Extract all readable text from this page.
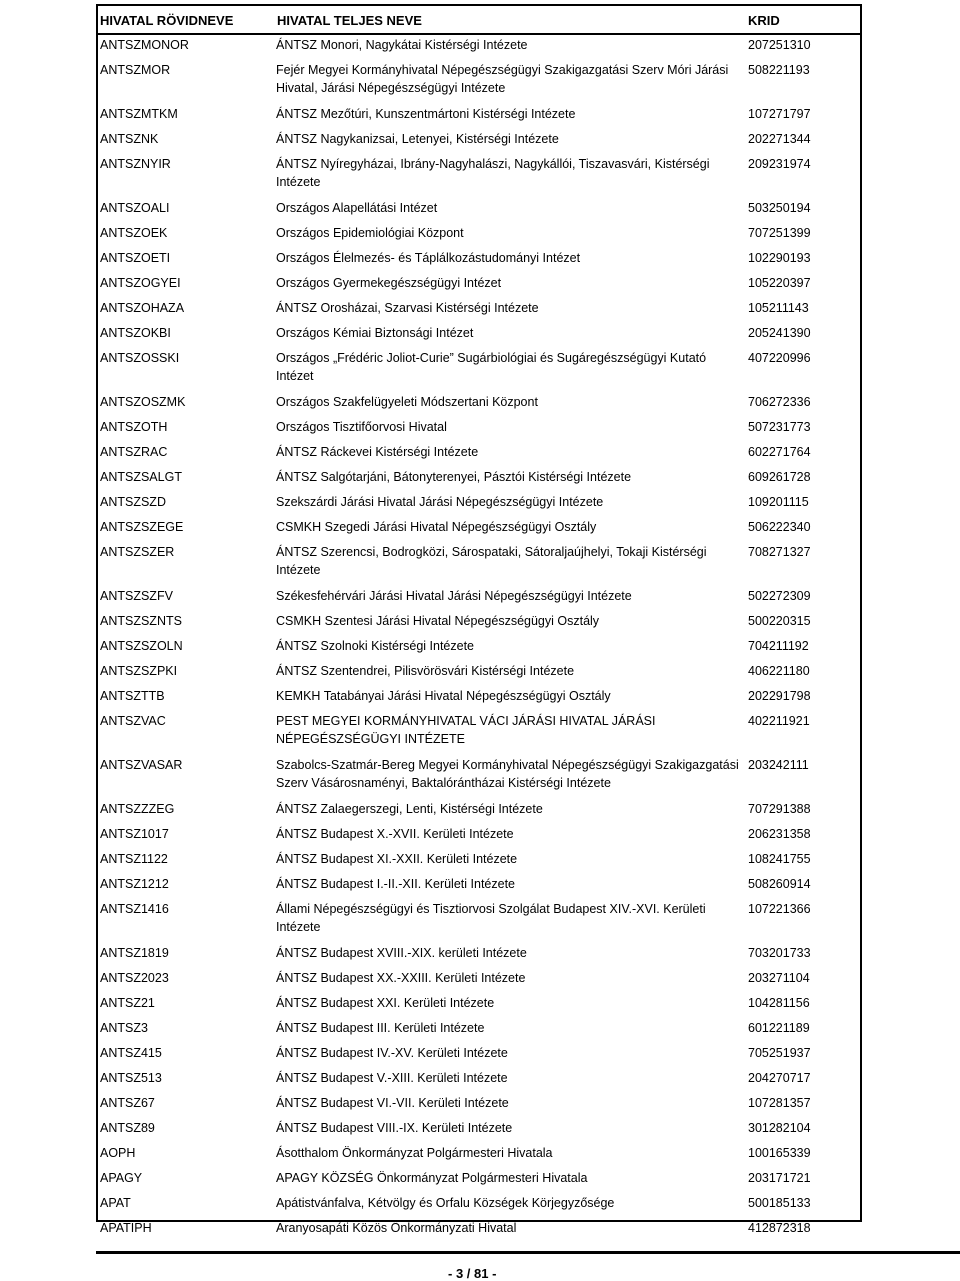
HIVATAL RÖVIDNEVE	HIVATAL TELJES NEVE	KRID
ANTSZMONOR	ÁNTSZ Monori, Nagykátai Kistérségi Intézete	207251310
ANTSZMOR	Fejér Megyei Kormányhivatal Népegészségügyi Szakigazgatási Szerv Móri Járási Hivatal, Járási Népegészségügyi Intézete	508221193
ANTSZMTKM	ÁNTSZ Mezőtúri, Kunszentmártoni Kistérségi Intézete	107271797
ANTSZNK	ÁNTSZ Nagykanizsai, Letenyei, Kistérségi Intézete	202271344
ANTSZNYIR	ÁNTSZ Nyíregyházai, Ibrány-Nagyhalászi, Nagykállói, Tiszavasvári, Kistérségi Intézete	209231974
ANTSZOALI	Országos Alapellátási Intézet	503250194
ANTSZOEK	Országos Epidemiológiai Központ	707251399
ANTSZOETI	Országos Élelmezés- és Táplálkozástudományi Intézet	102290193
ANTSZOGYEI	Országos Gyermekegészségügyi Intézet	105220397
ANTSZOHAZA	ÁNTSZ Orosházai, Szarvasi Kistérségi Intézete	105211143
ANTSZOKBI	Országos Kémiai Biztonsági Intézet	205241390
ANTSZOSSKI	Országos „Frédéric Joliot-Curie” Sugárbiológiai és Sugáregészségügyi Kutató Intézet	407220996
ANTSZOSZMK	Országos Szakfelügyeleti Módszertani Központ	706272336
ANTSZOTH	Országos Tisztifőorvosi Hivatal	507231773
ANTSZRAC	ÁNTSZ Ráckevei Kistérségi Intézete	602271764
ANTSZSALGT	ÁNTSZ Salgótarjáni, Bátonyterenyei, Pásztói Kistérségi Intézete	609261728
ANTSZSZD	Szekszárdi Járási Hivatal Járási Népegészségügyi Intézete	109201115
ANTSZSZEGE	CSMKH Szegedi Járási Hivatal Népegészségügyi Osztály	506222340
ANTSZSZER	ÁNTSZ Szerencsi, Bodrogközi, Sárospataki, Sátoraljaújhelyi, Tokaji Kistérségi Intézete	708271327
ANTSZSZFV	Székesfehérvári Járási Hivatal Járási Népegészségügyi Intézete	502272309
ANTSZSZNTS	CSMKH Szentesi Járási Hivatal Népegészségügyi Osztály	500220315
ANTSZSZOLN	ÁNTSZ Szolnoki Kistérségi Intézete	704211192
ANTSZSZPKI	ÁNTSZ Szentendrei, Pilisvörösvári Kistérségi Intézete	406221180
ANTSZTTB	KEMKH Tatabányai Járási Hivatal Népegészségügyi Osztály	202291798
ANTSZVAC	PEST MEGYEI KORMÁNYHIVATAL VÁCI JÁRÁSI HIVATAL JÁRÁSI NÉPEGÉSZSÉGÜGYI INTÉZETE	402211921
ANTSZVASAR	Szabolcs-Szatmár-Bereg Megyei Kormányhivatal Népegészségügyi Szakigazgatási Szerv Vásárosnaményi, Baktalórántházai Kistérségi Intézete	203242111
ANTSZZZEG	ÁNTSZ Zalaegerszegi, Lenti, Kistérségi Intézete	707291388
ANTSZ1017	ÁNTSZ Budapest X.-XVII. Kerületi Intézete	206231358
ANTSZ1122	ÁNTSZ Budapest XI.-XXII. Kerületi Intézete	108241755
ANTSZ1212	ÁNTSZ Budapest I.-II.-XII. Kerületi Intézete	508260914
ANTSZ1416	Állami Népegészségügyi és Tisztiorvosi Szolgálat Budapest XIV.-XVI. Kerületi Intézete	107221366
ANTSZ1819	ÁNTSZ Budapest XVIII.-XIX. kerületi Intézete	703201733
ANTSZ2023	ÁNTSZ Budapest XX.-XXIII. Kerületi Intézete	203271104
ANTSZ21	ÁNTSZ Budapest XXI. Kerületi Intézete	104281156
ANTSZ3	ÁNTSZ Budapest III. Kerületi Intézete	601221189
ANTSZ415	ÁNTSZ Budapest IV.-XV. Kerületi Intézete	705251937
ANTSZ513	ÁNTSZ Budapest V.-XIII. Kerületi Intézete	204270717
ANTSZ67	ÁNTSZ Budapest VI.-VII. Kerületi Intézete	107281357
ANTSZ89	ÁNTSZ Budapest VIII.-IX. Kerületi Intézete	301282104
AOPH	Ásotthalom Önkormányzat Polgármesteri Hivatala	100165339
APAGY	APAGY KÖZSÉG Önkormányzat Polgármesteri Hivatala	203171721
APAT	Apátistvánfalva, Kétvölgy és Orfalu Községek Körjegyzősége	500185133
APATIPH	Aranyosapáti Közös Önkormányzati Hivatal	412872318
- 3 / 81 -
